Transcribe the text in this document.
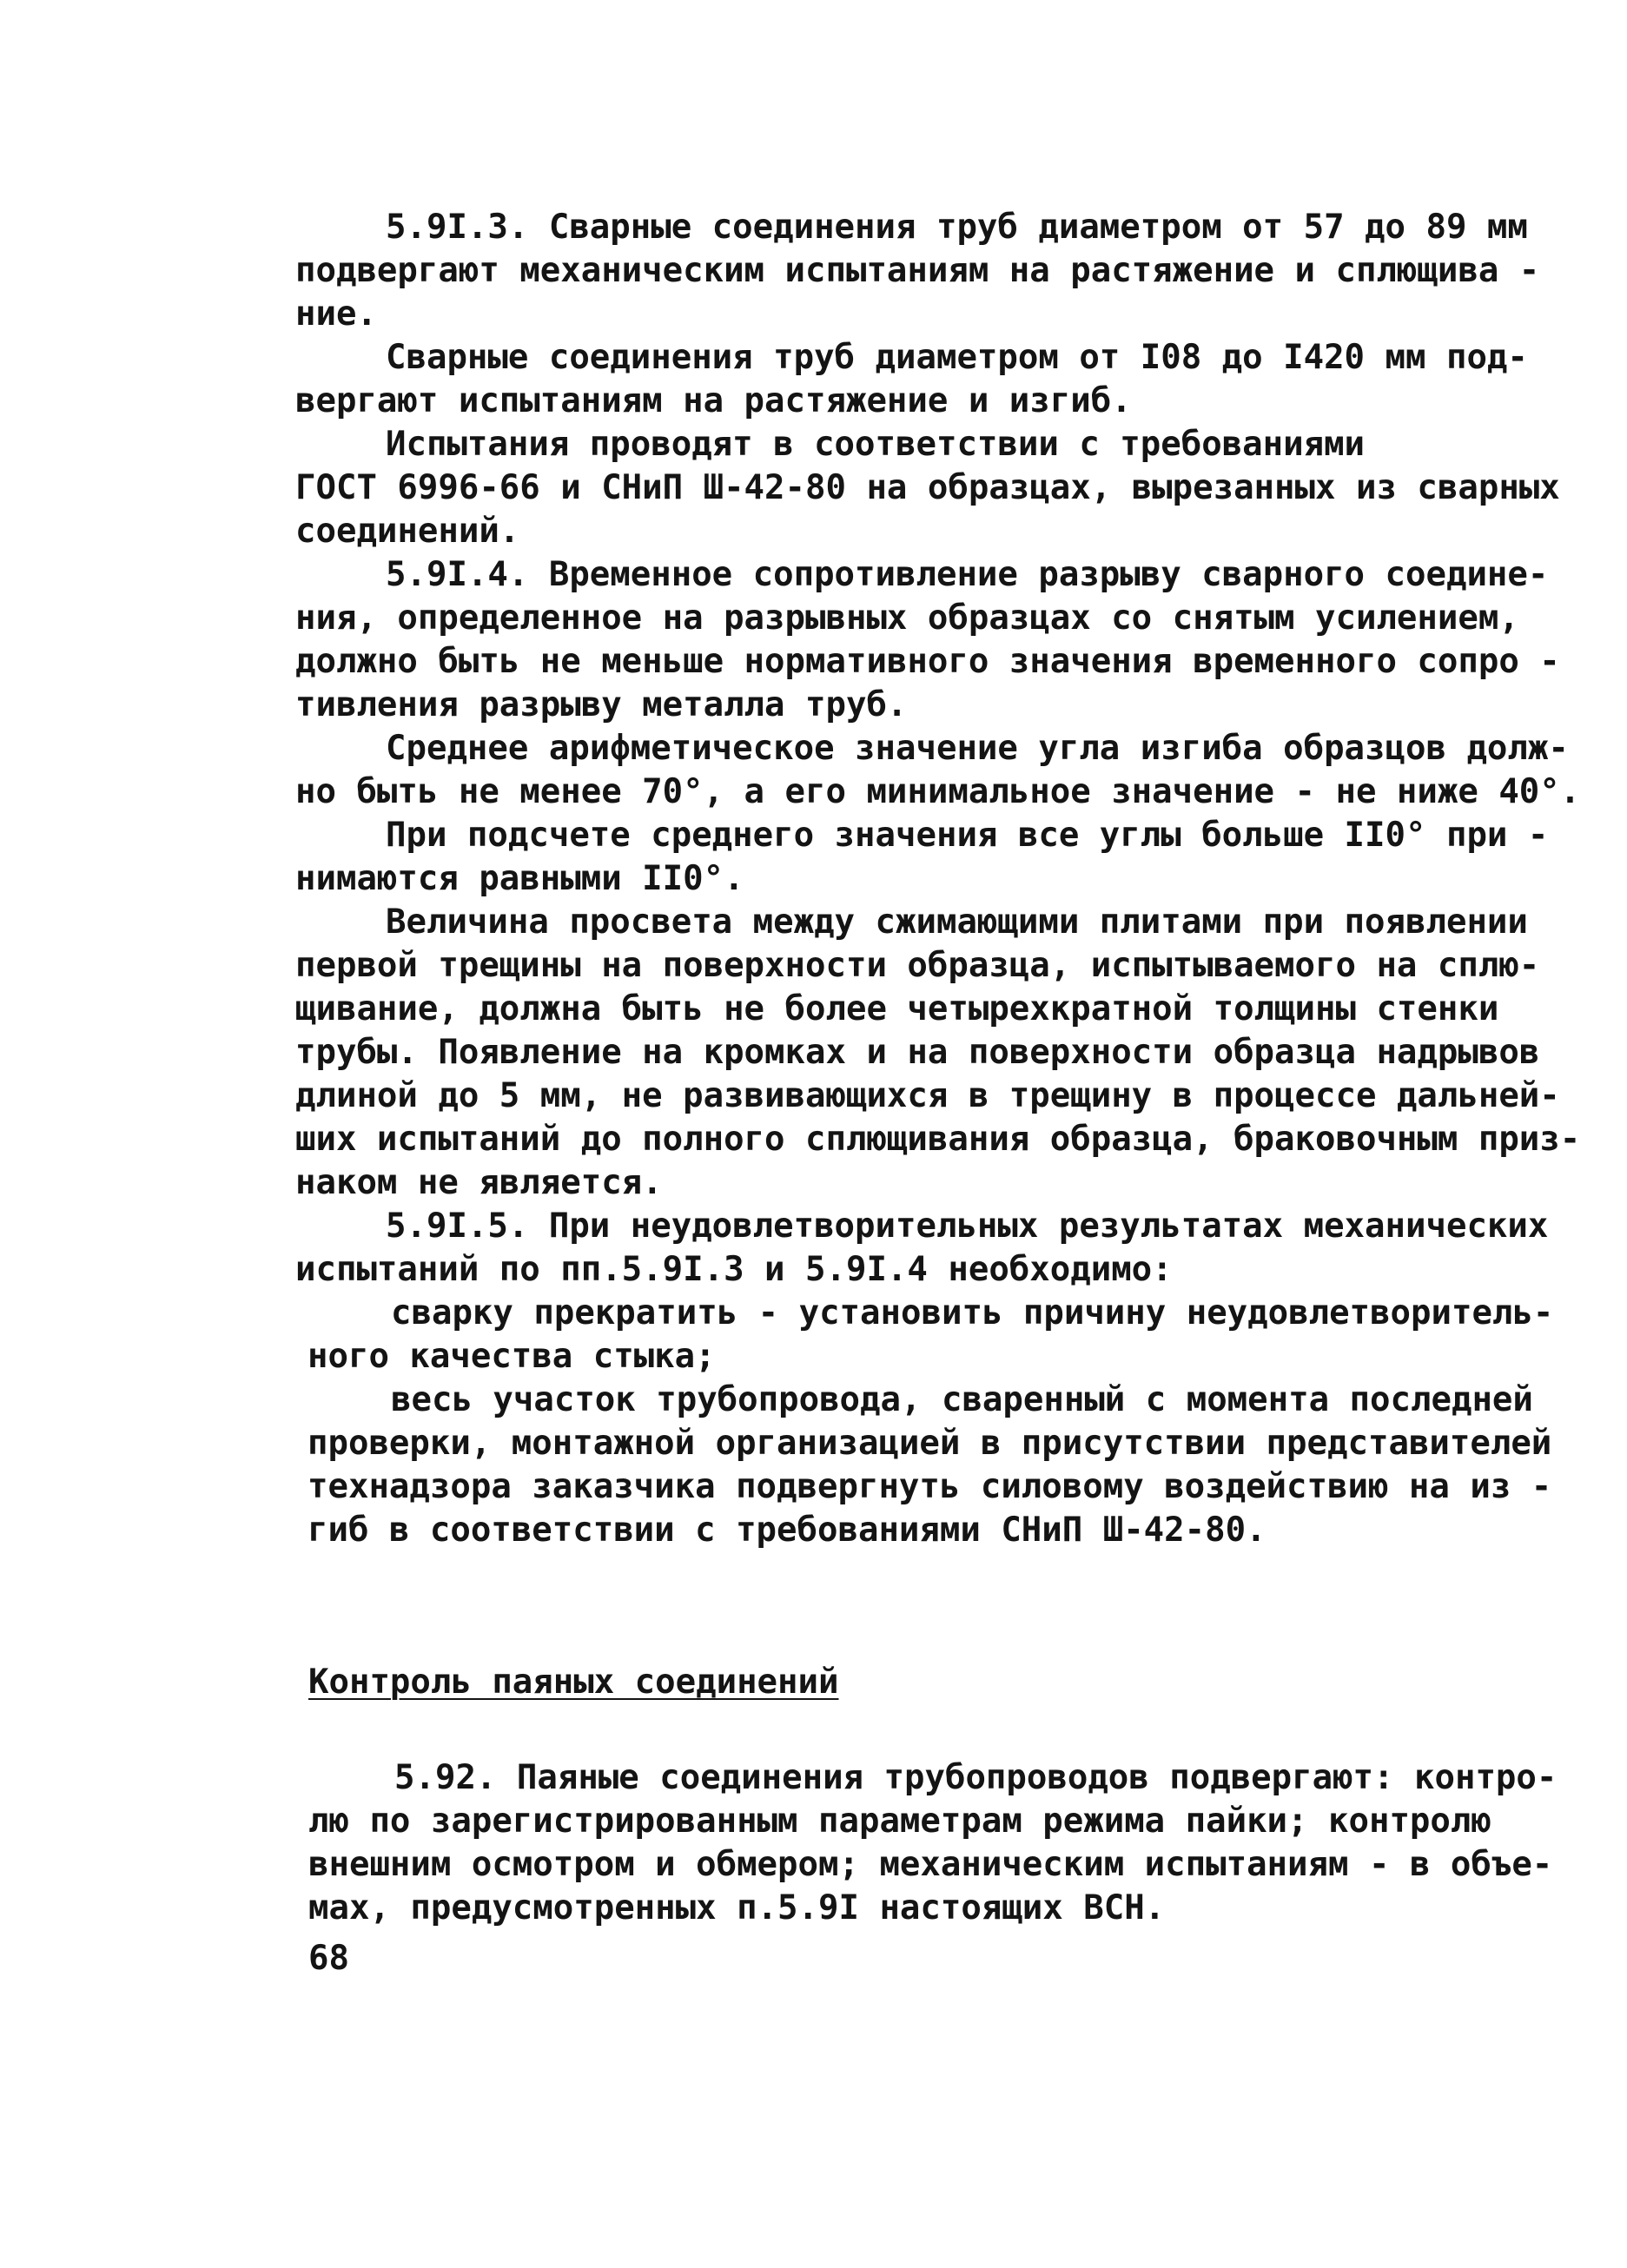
5.9I.3. Сварные соединения труб диаметром от 57 до 89 мм
подвергают механическим испытаниям на растяжение и сплющива -
ние.
Сварные соединения труб диаметром от I08 до I420 мм под-
вергают испытаниям на растяжение и изгиб.
Испытания проводят в соответствии с требованиями
ГОСТ 6996-66 и СНиП Ш-42-80 на образцах, вырезанных из сварных
соединений.
5.9I.4. Временное сопротивление разрыву сварного соедине-
ния, определенное на разрывных образцах со снятым усилением,
должно быть не меньше нормативного значения временного сопро -
тивления разрыву металла труб.
Среднее арифметическое значение угла изгиба образцов долж-
но быть не менее 70°, а его минимальное значение - не ниже 40°.
При подсчете среднего значения все углы больше II0° при -
нимаются равными II0°.
Величина просвета между сжимающими плитами при появлении
первой трещины на поверхности образца, испытываемого на сплю-
щивание, должна быть не более четырехкратной толщины стенки
трубы. Появление на кромках и на поверхности образца надрывов
длиной до 5 мм, не развивающихся в трещину в процессе дальней-
ших испытаний до полного сплющивания образца, браковочным приз-
наком не является.
5.9I.5. При неудовлетворительных результатах механических
испытаний по пп.5.9I.3 и 5.9I.4 необходимо:
сварку прекратить - установить причину неудовлетворитель-
ного качества стыка;
весь участок трубопровода, сваренный с момента последней
проверки, монтажной организацией в присутствии представителей
технадзора заказчика подвергнуть силовому воздействию на из -
гиб в соответствии с требованиями СНиП Ш-42-80.
Контроль паяных соединений
5.92. Паяные соединения трубопроводов подвергают: контро-
лю по зарегистрированным параметрам режима пайки; контролю
внешним осмотром и обмером; механическим испытаниям - в объе-
мах, предусмотренных п.5.9I настоящих ВСН.
68
